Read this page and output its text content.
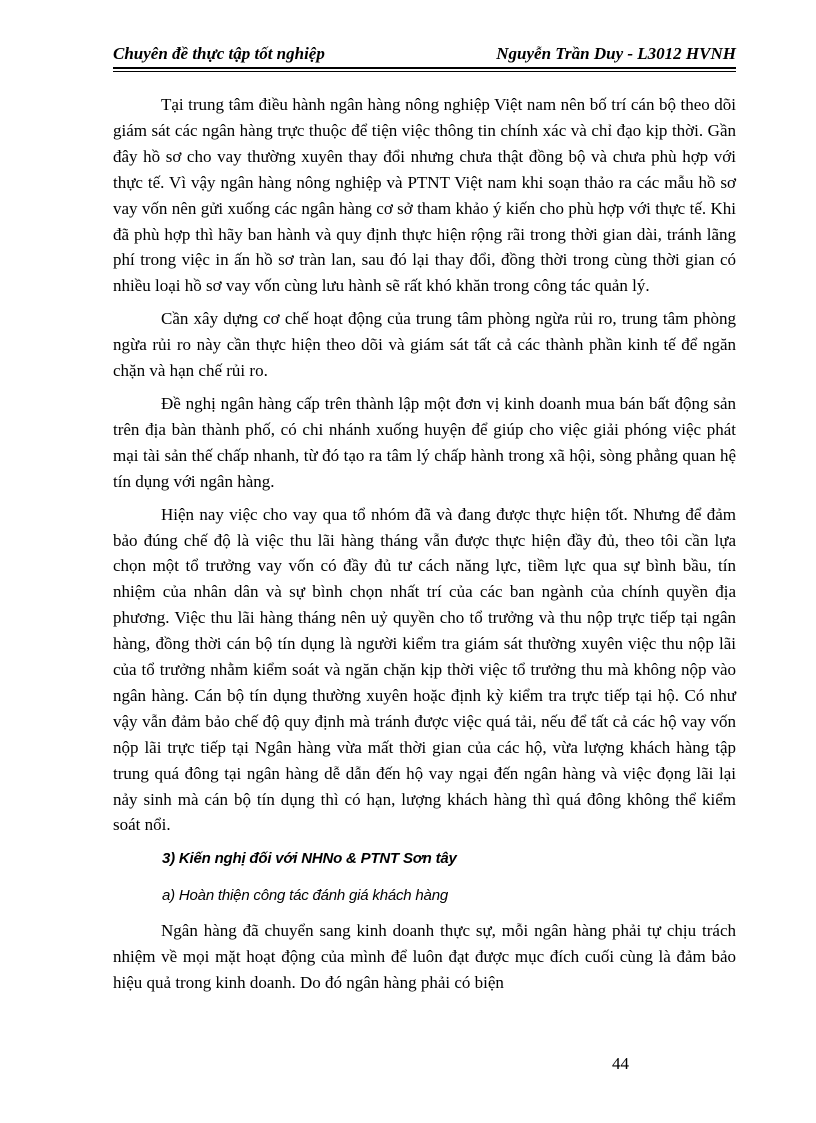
Chuyên đề thực tập tốt nghiệp	Nguyễn Trần Duy - L3012 HVNH

Tại trung tâm điều hành ngân hàng nông nghiệp Việt nam nên bố trí cán bộ theo dõi giám sát các ngân hàng trực thuộc để tiện việc thông tin chính xác và chỉ đạo kịp thời. Gần đây hồ sơ cho vay thường xuyên thay đổi nhưng chưa thật đồng bộ và chưa phù hợp với thực tế. Vì vậy ngân hàng nông nghiệp và PTNT Việt nam khi soạn thảo ra các mẫu hồ sơ vay vốn nên gửi xuống các ngân hàng cơ sở tham khảo ý kiến cho phù hợp với thực tế. Khi đã phù hợp thì hãy ban hành và quy định thực hiện rộng rãi trong thời gian dài, tránh lãng phí trong việc in ấn hồ sơ tràn lan, sau đó lại thay đổi, đồng thời trong cùng thời gian có nhiều loại hồ sơ vay vốn cùng lưu hành sẽ rất khó khăn trong công tác quản lý.

Cần xây dựng cơ chế hoạt động của trung tâm phòng ngừa rủi ro, trung tâm phòng ngừa rủi ro này cần thực hiện theo dõi và giám sát tất cả các thành phần kinh tế để ngăn chặn và hạn chế rủi ro.

Đề nghị ngân hàng cấp trên thành lập một đơn vị kinh doanh mua bán bất động sản trên địa bàn thành phố, có chi nhánh xuống huyện để giúp cho việc giải phóng việc phát mại tài sản thế chấp nhanh, từ đó tạo ra tâm lý chấp hành trong xã hội, sòng phẳng quan hệ tín dụng với ngân hàng.

Hiện nay việc cho vay qua tổ nhóm đã và đang được thực hiện tốt. Nhưng để đảm bảo đúng chế độ là việc thu lãi hàng tháng vẫn được thực hiện đầy đủ, theo tôi cần lựa chọn một tổ trưởng vay vốn có đầy đủ tư cách năng lực, tiềm lực qua sự bình bầu, tín nhiệm của nhân dân và sự bình chọn nhất trí của các ban ngành của chính quyền địa phương. Việc thu lãi hàng tháng nên uỷ quyền cho tổ trưởng và thu nộp trực tiếp tại ngân hàng, đồng thời cán bộ tín dụng là người kiểm tra giám sát thường xuyên việc thu nộp lãi của tổ trưởng nhằm kiểm soát và ngăn chặn kịp thời việc tổ trưởng thu mà không nộp vào ngân hàng. Cán bộ tín dụng thường xuyên hoặc định kỳ kiểm tra trực tiếp tại hộ. Có như vậy vẫn đảm bảo chế độ quy định mà tránh được việc quá tải, nếu để tất cả các hộ vay vốn nộp lãi trực tiếp tại Ngân hàng vừa mất thời gian của các hộ, vừa lượng khách hàng tập trung quá đông tại ngân hàng dễ dẫn đến hộ vay ngại đến ngân hàng và việc đọng lãi lại nảy sinh mà cán bộ tín dụng thì có hạn, lượng khách hàng thì quá đông không thể kiểm soát nổi.

3) Kiến nghị đối với NHNo & PTNT Sơn tây
a) Hoàn thiện công tác đánh giá khách hàng

Ngân hàng đã chuyển sang kinh doanh thực sự, mỗi ngân hàng phải tự chịu trách nhiệm về mọi mặt hoạt động của mình để luôn đạt được mục đích cuối cùng là đảm bảo hiệu quả trong kinh doanh. Do đó ngân hàng phải có biện

44
